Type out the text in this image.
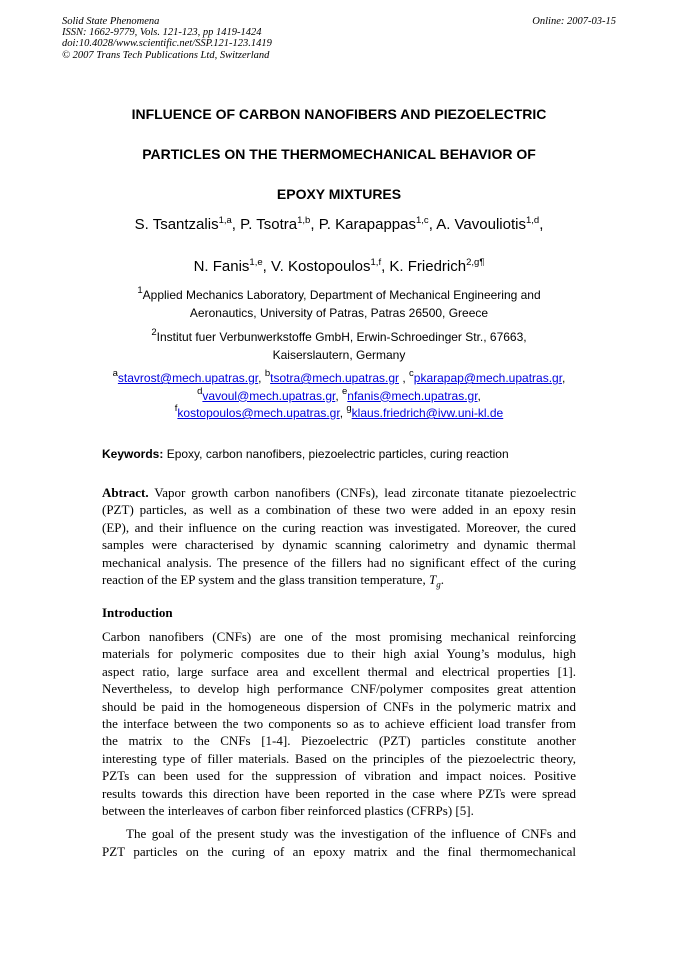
Solid State Phenomena
ISSN: 1662-9779, Vols. 121-123, pp 1419-1424
doi:10.4028/www.scientific.net/SSP.121-123.1419
© 2007 Trans Tech Publications Ltd, Switzerland
Online: 2007-03-15
INFLUENCE OF CARBON NANOFIBERS AND PIEZOELECTRIC
PARTICLES ON THE THERMOMECHANICAL BEHAVIOR OF
EPOXY MIXTURES
S. Tsantzalis$^{1,a}$, P. Tsotra$^{1,b}$, P. Karapappas$^{1,c}$, A. Vavouliotis$^{1,d}$,
N. Fanis$^{1,e}$, V. Kostopoulos$^{1,f}$, K. Friedrich$^{2,g\P}$
$^1$Applied Mechanics Laboratory, Department of Mechanical Engineering and
Aeronautics, University of Patras, Patras 26500, Greece
$^2$Institut fuer Verbunwerkstoffe GmbH, Erwin-Schroedinger Str., 67663,
Kaiserslautern, Germany
$^a$stavrost@mech.upatras.gr, $^b$tsotra@mech.upatras.gr , $^c$pkarapap@mech.upatras.gr,
$^d$vavoul@mech.upatras.gr, $^e$nfanis@mech.upatras.gr,
$^f$kostopoulos@mech.upatras.gr, $^g$klaus.friedrich@ivw.uni-kl.de
Keywords: Epoxy, carbon nanofibers, piezoelectric particles, curing reaction
Abtract. Vapor growth carbon nanofibers (CNFs), lead zirconate titanate piezoelectric
(PZT) particles, as well as a combination of these two were added in an epoxy resin
(EP), and their influence on the curing reaction was investigated. Moreover, the cured
samples were characterised by dynamic scanning calorimetry and dynamic thermal
mechanical analysis. The presence of the fillers had no significant effect of the curing
reaction of the EP system and the glass transition temperature, $T_g$.
Introduction
Carbon nanofibers (CNFs) are one of the most promising mechanical reinforcing
materials for polymeric composites due to their high axial Young’s modulus, high
aspect ratio, large surface area and excellent thermal and electrical properties [1].
Nevertheless, to develop high performance CNF/polymer composites great attention
should be paid in the homogeneous dispersion of CNFs in the polymeric matrix and
the interface between the two components so as to achieve efficient load transfer from
the matrix to the CNFs [1-4]. Piezoelectric (PZT) particles constitute another
interesting type of filler materials. Based on the principles of the piezoelectric theory,
PZTs can been used for the suppression of vibration and impact noices. Positive
results towards this direction have been reported in the case where PZTs were spread
between the interleaves of carbon fiber reinforced plastics (CFRPs) [5].
The goal of the present study was the investigation of the influence of CNFs and
PZT particles on the curing of an epoxy matrix and the final thermomechanical
